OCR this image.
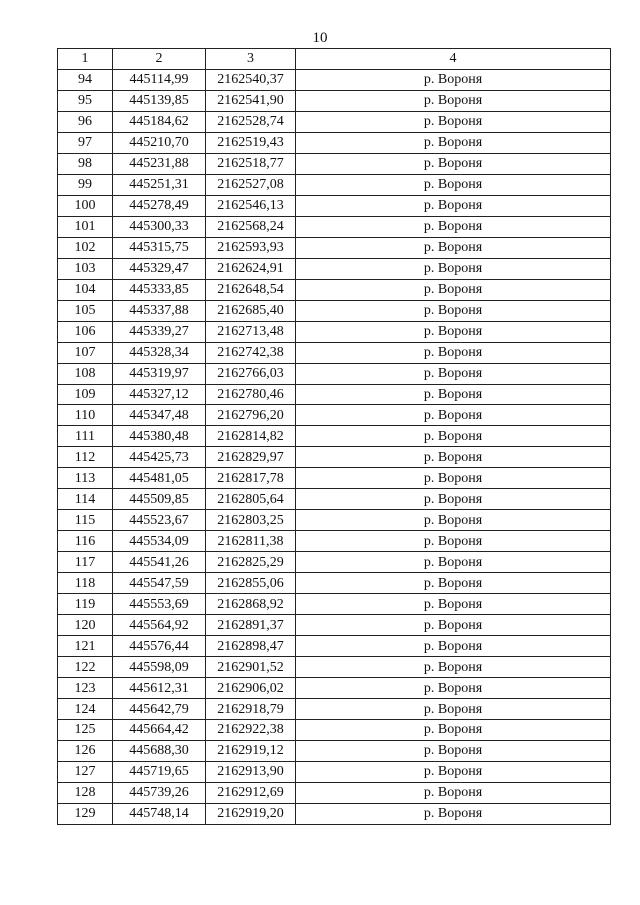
10
1	2	3	4
94	445114,99	2162540,37	р. Вороня
95	445139,85	2162541,90	р. Вороня
96	445184,62	2162528,74	р. Вороня
97	445210,70	2162519,43	р. Вороня
98	445231,88	2162518,77	р. Вороня
99	445251,31	2162527,08	р. Вороня
100	445278,49	2162546,13	р. Вороня
101	445300,33	2162568,24	р. Вороня
102	445315,75	2162593,93	р. Вороня
103	445329,47	2162624,91	р. Вороня
104	445333,85	2162648,54	р. Вороня
105	445337,88	2162685,40	р. Вороня
106	445339,27	2162713,48	р. Вороня
107	445328,34	2162742,38	р. Вороня
108	445319,97	2162766,03	р. Вороня
109	445327,12	2162780,46	р. Вороня
110	445347,48	2162796,20	р. Вороня
111	445380,48	2162814,82	р. Вороня
112	445425,73	2162829,97	р. Вороня
113	445481,05	2162817,78	р. Вороня
114	445509,85	2162805,64	р. Вороня
115	445523,67	2162803,25	р. Вороня
116	445534,09	2162811,38	р. Вороня
117	445541,26	2162825,29	р. Вороня
118	445547,59	2162855,06	р. Вороня
119	445553,69	2162868,92	р. Вороня
120	445564,92	2162891,37	р. Вороня
121	445576,44	2162898,47	р. Вороня
122	445598,09	2162901,52	р. Вороня
123	445612,31	2162906,02	р. Вороня
124	445642,79	2162918,79	р. Вороня
125	445664,42	2162922,38	р. Вороня
126	445688,30	2162919,12	р. Вороня
127	445719,65	2162913,90	р. Вороня
128	445739,26	2162912,69	р. Вороня
129	445748,14	2162919,20	р. Вороня
